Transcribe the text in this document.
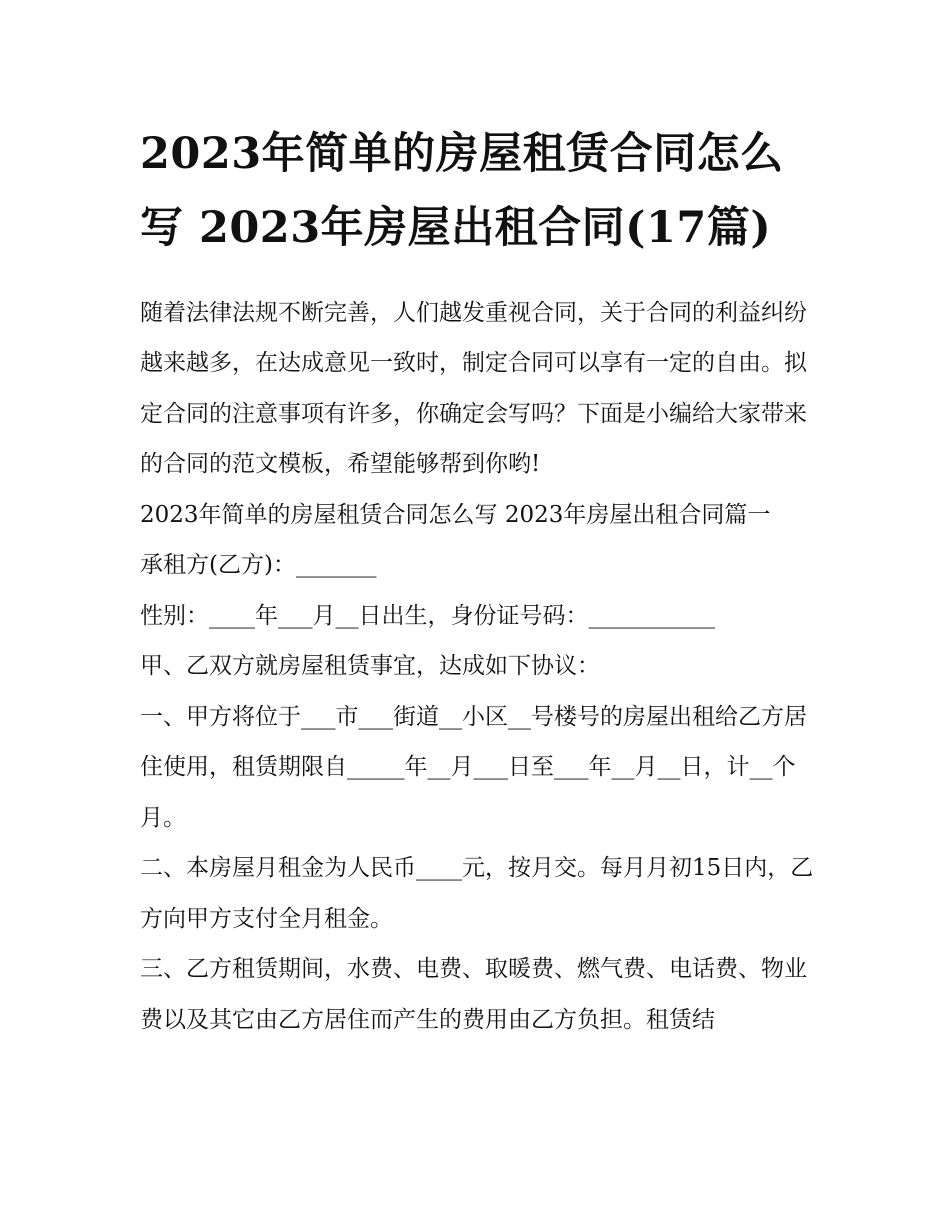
2023年简单的房屋租赁合同怎么写 2023年房屋出租合同(17篇)

随着法律法规不断完善，人们越发重视合同，关于合同的利益纠纷越来越多，在达成意见一致时，制定合同可以享有一定的自由。拟定合同的注意事项有许多，你确定会写吗？下面是小编给大家带来的合同的范文模板，希望能够帮到你哟!

2023年简单的房屋租赁合同怎么写 2023年房屋出租合同篇一

承租方(乙方)：_______

性别：____年___月__日出生，身份证号码：___________

甲、乙双方就房屋租赁事宜，达成如下协议：

一、甲方将位于___市___街道__小区__号楼号的房屋出租给乙方居住使用，租赁期限自_____年__月___日至___年__月__日，计__个月。

二、本房屋月租金为人民币____元，按月交。每月月初15日内，乙方向甲方支付全月租金。

三、乙方租赁期间，水费、电费、取暖费、燃气费、电话费、物业费以及其它由乙方居住而产生的费用由乙方负担。租赁结
